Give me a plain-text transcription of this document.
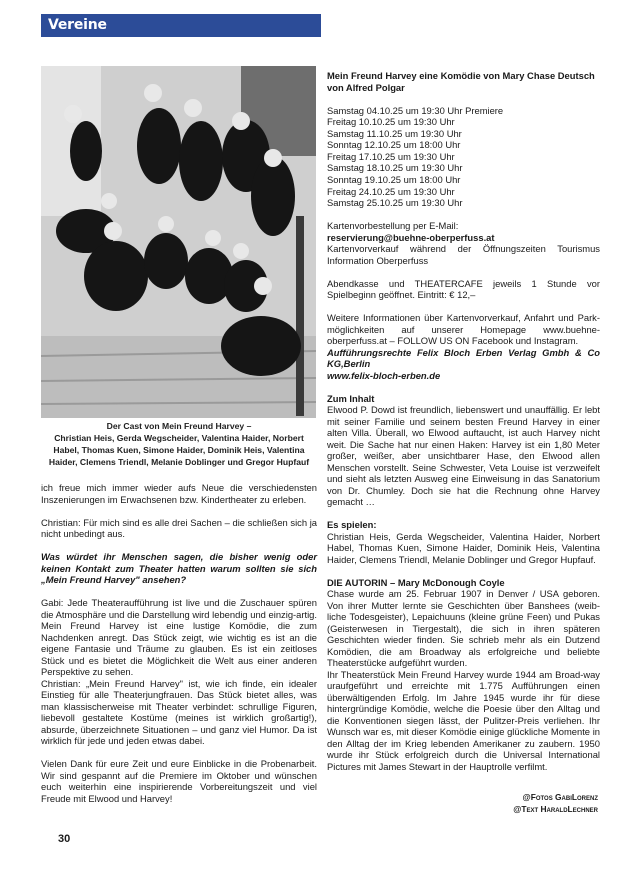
Vereine
Der Cast von Mein Freund Harvey –
Christian Heis, Gerda Wegscheider, Valentina Haider, Norbert
Habel, Thomas Kuen, Simone Haider, Dominik Heis, Valentina
Haider, Clemens Triendl, Melanie Doblinger und Gregor Hupfauf

ich freue mich immer wieder aufs Neue die verschiedensten Inszenierungen im Erwachsenen bzw. Kindertheater zu erleben.

Christian: Für mich sind es alle drei Sachen – die schließen sich ja nicht unbedingt aus.

Was würdet ihr Menschen sagen, die bisher wenig oder keinen Kontakt zum Theater hatten warum sollten sie sich „Mein Freund Harvey" ansehen?

Gabi: Jede Theateraufführung ist live und die Zuschauer spüren die Atmosphäre und die Darstellung wird lebendig und einzig-artig. Mein Freund Harvey ist eine lustige Komödie, die zum Nachdenken anregt. Das Stück zeigt, wie wichtig es ist an die eigene Fantasie und Träume zu glauben. Es ist ein zeitloses Stück und es bietet die Möglichkeit die Welt aus einer anderen Perspektive zu sehen.

Christian: „Mein Freund Harvey" ist, wie ich finde, ein idealer Einstieg für alle Theaterjungfrauen. Das Stück bietet alles, was man klassischerweise mit Theater verbindet: schrullige Figuren, liebevoll gestaltete Kostüme (meines ist wirklich großartig!), absurde, überzeichnete Situationen – und ganz viel Humor. Da ist wirklich für jede und jeden etwas dabei.

Vielen Dank für eure Zeit und eure Einblicke in die Probenarbeit. Wir sind gespannt auf die Premiere im Oktober und wünschen euch weiterhin eine inspirierende Vorbereitungszeit und viel Freude mit Elwood und Harvey!

Mein Freund Harvey eine Komödie von Mary Chase Deutsch von Alfred Polgar

Samstag 04.10.25 um 19:30 Uhr Premiere

Freitag 10.10.25 um 19:30 Uhr

Samstag 11.10.25 um 19:30 Uhr

Sonntag 12.10.25 um 18:00 Uhr

Freitag 17.10.25 um 19:30 Uhr

Samstag 18.10.25 um 19:30 Uhr

Sonntag 19.10.25 um 18:00 Uhr

Freitag 24.10.25 um 19:30 Uhr

Samstag 25.10.25 um 19:30 Uhr

Kartenvorbestellung per E-Mail:

reservierung@buehne-oberperfuss.at

Kartenvorverkauf während der Öffnungszeiten Tourismus Information Oberperfuss

Abendkasse und THEATERCAFE jeweils 1 Stunde vor Spielbeginn geöffnet. Eintritt: € 12,–

Weitere Informationen über Kartenvorverkauf, Anfahrt und Park-möglichkeiten auf unserer Homepage www.buehne-oberperfuss.at – FOLLOW US ON Facebook und Instagram.

Aufführungsrechte Felix Bloch Erben Verlag Gmbh & Co KG,Berlin

www.felix-bloch-erben.de

Zum Inhalt

Elwood P. Dowd ist freundlich, liebenswert und unauffällig. Er lebt mit seiner Familie und seinem besten Freund Harvey in einer alten Villa. Überall, wo Elwood auftaucht, ist auch Harvey nicht weit. Die Sache hat nur einen Haken: Harvey ist ein 1,80 Meter großer, weißer, aber unsichtbarer Hase, den Elwood allen Menschen vorstellt. Seine Schwester, Veta Louise ist verzweifelt und sieht als letzten Ausweg eine Einweisung in das Sanatorium von Dr. Chumley. Doch sie hat die Rechnung ohne Harvey gemacht …

Es spielen:

Christian Heis, Gerda Wegscheider, Valentina Haider, Norbert Habel, Thomas Kuen, Simone Haider, Dominik Heis, Valentina Haider, Clemens Triendl, Melanie Doblinger und Gregor Hupfauf.

DIE AUTORIN – Mary McDonough Coyle

Chase wurde am 25. Februar 1907 in Denver / USA geboren. Von ihrer Mutter lernte sie Geschichten über Banshees (weib-liche Todesgeister), Lepaichuuns (kleine grüne Feen) und Pukas (Geisterwesen in Tiergestalt), die sich in ihren späteren Geschichten wieder finden. Sie schrieb mehr als ein Dutzend Komödien, die am Broadway als erfolgreiche und beliebte Theaterstücke aufgeführt wurden.

Ihr Theaterstück Mein Freund Harvey wurde 1944 am Broad-way uraufgeführt und erreichte mit 1.775 Aufführungen einen überwältigenden Erfolg. Im Jahre 1945 wurde ihr für diese hintergründige Komödie, welche die Poesie über den Alltag und die Konventionen siegen lässt, der Pulitzer-Preis verliehen. Ihr Wunsch war es, mit dieser Komödie einige glückliche Momente in den Alltag der im Krieg lebenden Amerikaner zu zaubern. 1950 wurde ihr Stück erfolgreich durch die Universal International Pictures mit James Stewart in der Hauptrolle verfilmt.

@Fotos GabiLorenz
@Text HaraldLechner
30
